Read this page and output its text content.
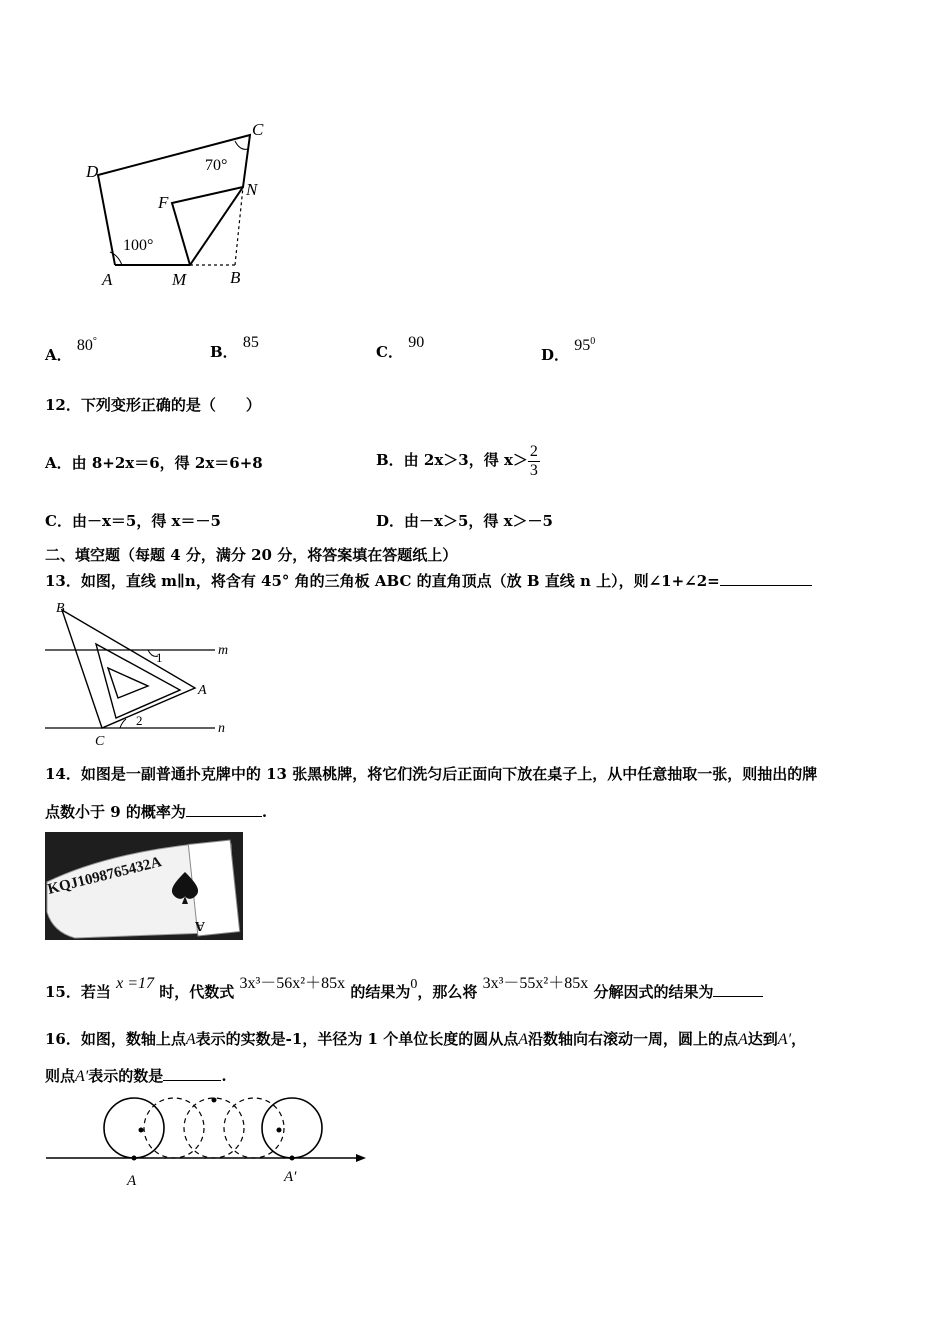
A	M	B
D
C
F
N
70°
100°
A． 80°
B． 85
C． 90
D． $95^0$
12．下列变形正确的是（　　）
A．由 8+2x＝6，得 2x＝6+8	B．由 2x＞3，得 $x> \frac{2}{3}$
C．由－x＝5，得 x＝－5	D．由－x＞5，得 x＞－5
二、填空题（每题 4 分，满分 20 分，将答案填在答题纸上）
13．如图，直线 m∥n，将含有 45° 角的三角板 ABC 的直角顶点（放 B 直线 n 上），则∠1+∠2=
B
m
1
A
2
n
C
14．如图是一副普通扑克牌中的 13 张黑桃牌，将它们洗匀后正面向下放在桌子上，从中任意抽取一张，则抽出的牌
点数小于 9 的概率为	.
KQJ1098765432A
A
15．若当 x =17 时，代数式 3x³－56x²＋85x 的结果为0，那么将 3x³－55x²＋85x 分解因式的结果为
16．如图，数轴上点A表示的实数是-1，半径为 1 个单位长度的圆从点A沿数轴向右滚动一周，圆上的点A达到A′，
则点A′表示的数是	.
A	A′
